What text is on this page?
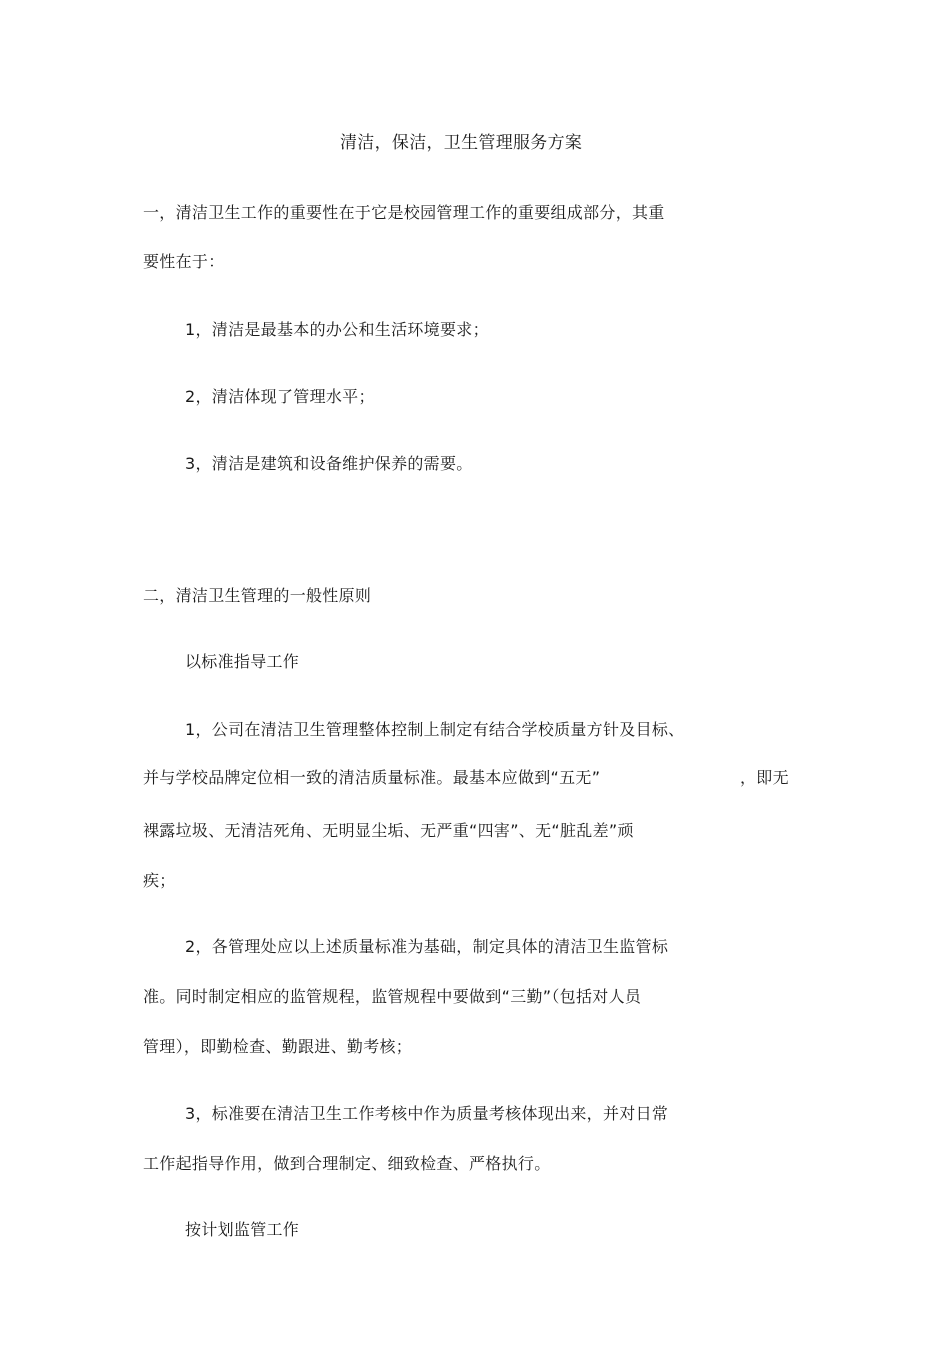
清洁，保洁，卫生管理服务方案
一，清洁卫生工作的重要性在于它是校园管理工作的重要组成部分，其重
要性在于：
1，清洁是最基本的办公和生活环境要求；
2，清洁体现了管理水平；
3，清洁是建筑和设备维护保养的需要。
二，清洁卫生管理的一般性原则
以标准指导工作
1，公司在清洁卫生管理整体控制上制定有结合学校质量方针及目标、
并与学校品牌定位相一致的清洁质量标准。最基本应做到“五无”	，即无
裸露垃圾、无清洁死角、无明显尘垢、无严重“四害”、无“脏乱差”顽
疾；
2，各管理处应以上述质量标准为基础，制定具体的清洁卫生监管标
准。同时制定相应的监管规程，监管规程中要做到“三勤”（包括对人员
管理），即勤检查、勤跟进、勤考核；
3，标准要在清洁卫生工作考核中作为质量考核体现出来，并对日常
工作起指导作用，做到合理制定、细致检查、严格执行。
按计划监管工作
